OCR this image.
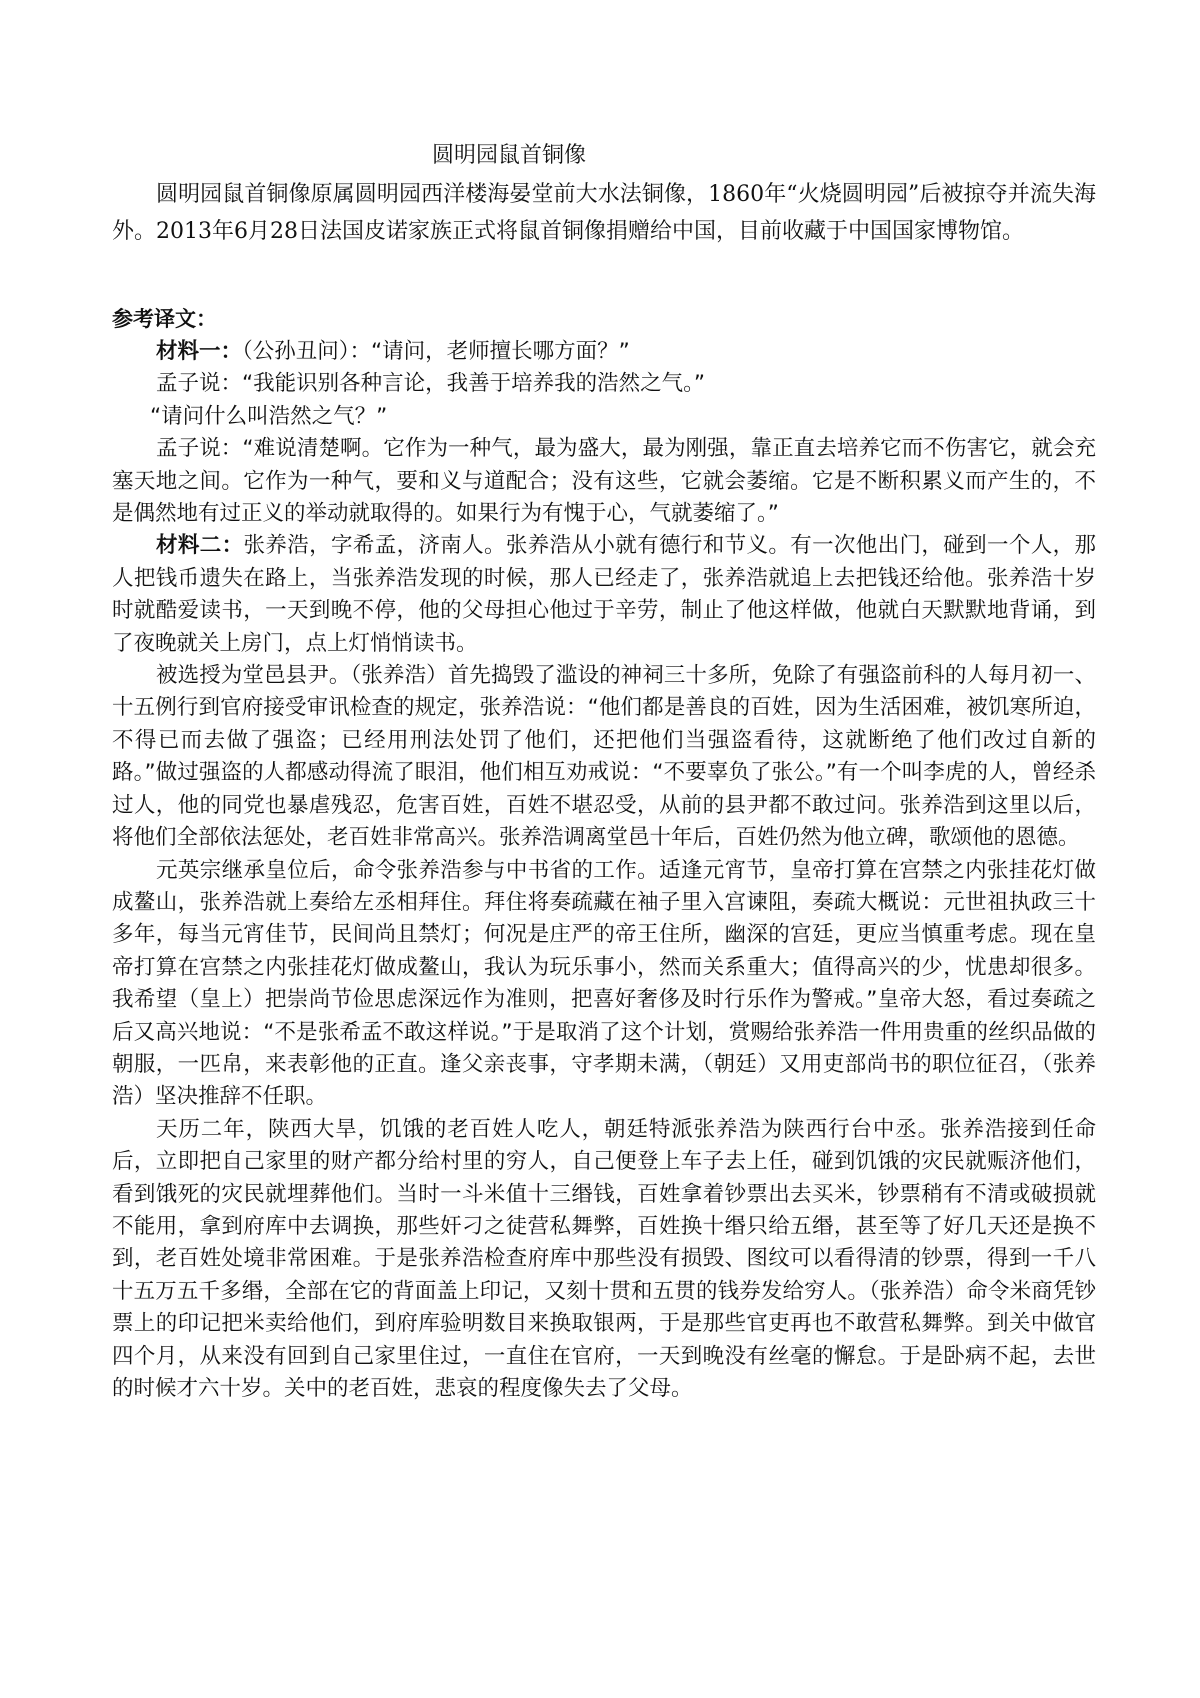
圆明园鼠首铜像

圆明园鼠首铜像原属圆明园西洋楼海晏堂前大水法铜像，1860年“火烧圆明园”后被掠夺并流失海外。2013年6月28日法国皮诺家族正式将鼠首铜像捐赠给中国，目前收藏于中国国家博物馆。

参考译文：

材料一：（公孙丑问）：“请问，老师擅长哪方面？”

孟子说：“我能识别各种言论，我善于培养我的浩然之气。”

“请问什么叫浩然之气？”

孟子说：“难说清楚啊。它作为一种气，最为盛大，最为刚强，靠正直去培养它而不伤害它，就会充塞天地之间。它作为一种气，要和义与道配合；没有这些，它就会萎缩。它是不断积累义而产生的，不是偶然地有过正义的举动就取得的。如果行为有愧于心，气就萎缩了。”

材料二：张养浩，字希孟，济南人。张养浩从小就有德行和节义。有一次他出门，碰到一个人，那人把钱币遗失在路上，当张养浩发现的时候，那人已经走了，张养浩就追上去把钱还给他。张养浩十岁时就酷爱读书，一天到晚不停，他的父母担心他过于辛劳，制止了他这样做，他就白天默默地背诵，到了夜晚就关上房门，点上灯悄悄读书。

被选授为堂邑县尹。（张养浩）首先捣毁了滥设的神祠三十多所，免除了有强盗前科的人每月初一、十五例行到官府接受审讯检查的规定，张养浩说：“他们都是善良的百姓，因为生活困难，被饥寒所迫，不得已而去做了强盗；已经用刑法处罚了他们，还把他们当强盗看待，这就断绝了他们改过自新的路。”做过强盗的人都感动得流了眼泪，他们相互劝戒说：“不要辜负了张公。”有一个叫李虎的人，曾经杀过人，他的同党也暴虐残忍，危害百姓，百姓不堪忍受，从前的县尹都不敢过问。张养浩到这里以后，将他们全部依法惩处，老百姓非常高兴。张养浩调离堂邑十年后，百姓仍然为他立碑，歌颂他的恩德。

元英宗继承皇位后，命令张养浩参与中书省的工作。适逢元宵节，皇帝打算在宫禁之内张挂花灯做成鳌山，张养浩就上奏给左丞相拜住。拜住将奏疏藏在袖子里入宫谏阻，奏疏大概说：元世祖执政三十多年，每当元宵佳节，民间尚且禁灯；何况是庄严的帝王住所，幽深的宫廷，更应当慎重考虑。现在皇帝打算在宫禁之内张挂花灯做成鳌山，我认为玩乐事小，然而关系重大；值得高兴的少，忧患却很多。我希望（皇上）把崇尚节俭思虑深远作为准则，把喜好奢侈及时行乐作为警戒。”皇帝大怒，看过奏疏之后又高兴地说：“不是张希孟不敢这样说。”于是取消了这个计划，赏赐给张养浩一件用贵重的丝织品做的朝服，一匹帛，来表彰他的正直。逢父亲丧事，守孝期未满，（朝廷）又用吏部尚书的职位征召，（张养浩）坚决推辞不任职。

天历二年，陕西大旱，饥饿的老百姓人吃人，朝廷特派张养浩为陕西行台中丞。张养浩接到任命后，立即把自己家里的财产都分给村里的穷人，自己便登上车子去上任，碰到饥饿的灾民就赈济他们，看到饿死的灾民就埋葬他们。当时一斗米值十三缗钱，百姓拿着钞票出去买米，钞票稍有不清或破损就不能用，拿到府库中去调换，那些奸刁之徒营私舞弊，百姓换十缗只给五缗，甚至等了好几天还是换不到，老百姓处境非常困难。于是张养浩检查府库中那些没有损毁、图纹可以看得清的钞票，得到一千八十五万五千多缗，全部在它的背面盖上印记，又刻十贯和五贯的钱券发给穷人。（张养浩）命令米商凭钞票上的印记把米卖给他们，到府库验明数目来换取银两，于是那些官吏再也不敢营私舞弊。到关中做官四个月，从来没有回到自己家里住过，一直住在官府，一天到晚没有丝毫的懈怠。于是卧病不起，去世的时候才六十岁。关中的老百姓，悲哀的程度像失去了父母。
